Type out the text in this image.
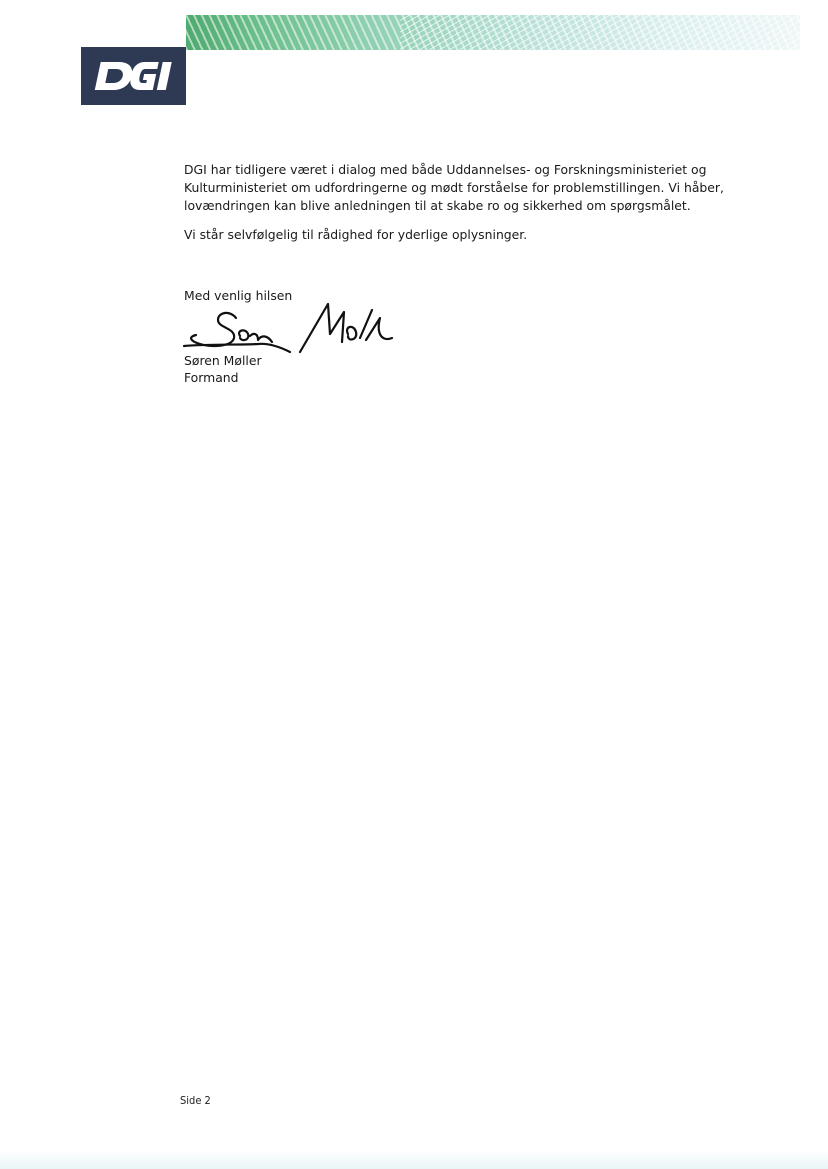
DGI har tidligere været i dialog med både Uddannelses- og Forskningsministeriet og
Kulturministeriet om udfordringerne og mødt forståelse for problemstillingen. Vi håber,
lovændringen kan blive anledningen til at skabe ro og sikkerhed om spørgsmålet.

Vi står selvfølgelig til rådighed for yderlige oplysninger.

Med venlig hilsen
Søren Møller
Formand
Side 2
